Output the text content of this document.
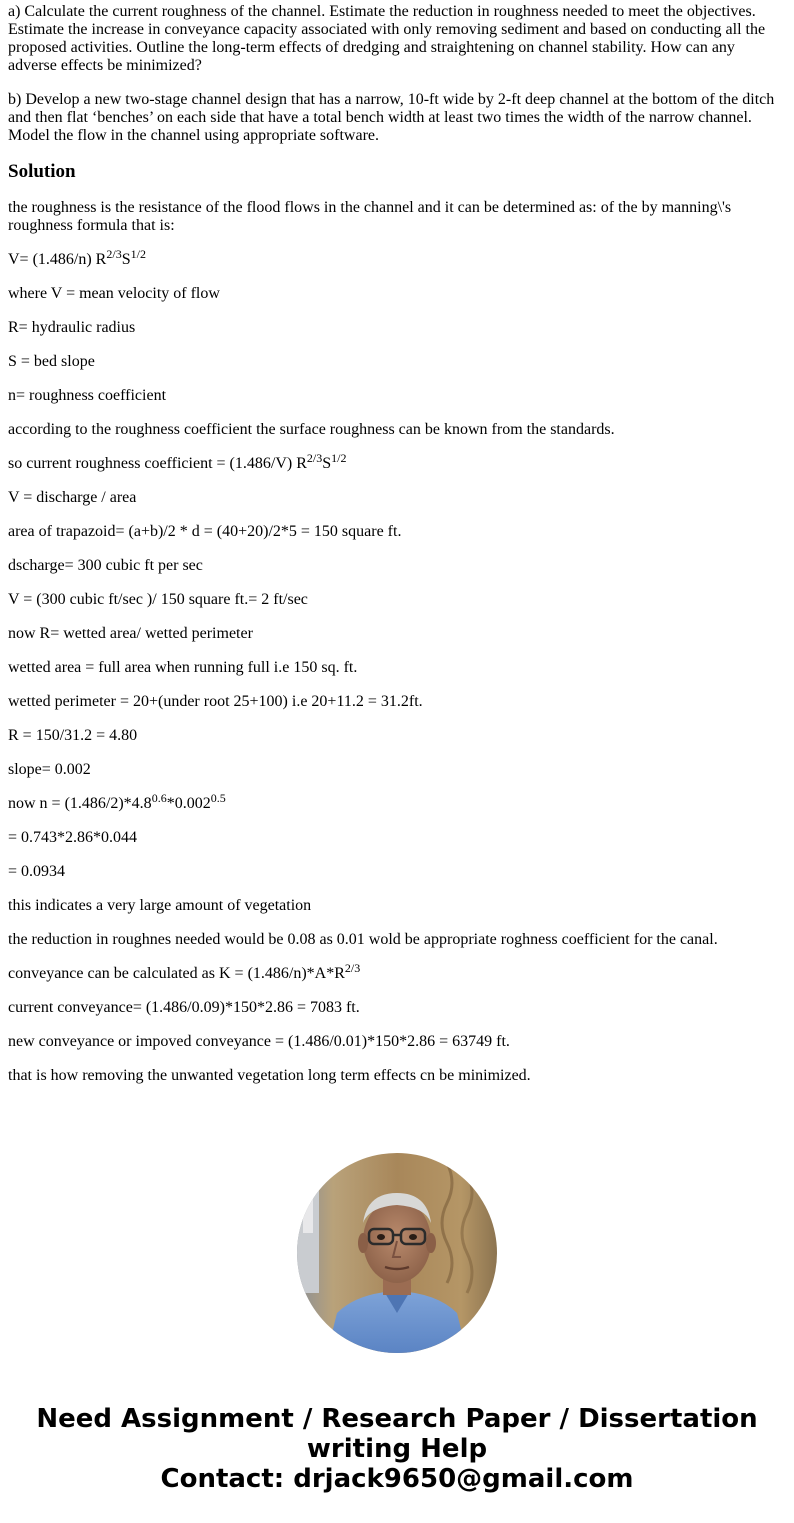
a) Calculate the current roughness of the channel. Estimate the reduction in roughness needed to meet the objectives. Estimate the increase in conveyance capacity associated with only removing sediment and based on conducting all the proposed activities. Outline the long-term effects of dredging and straightening on channel stability. How can any adverse effects be minimized?

b) Develop a new two-stage channel design that has a narrow, 10-ft wide by 2-ft deep channel at the bottom of the ditch and then flat ‘benches’ on each side that have a total bench width at least two times the width of the narrow channel. Model the flow in the channel using appropriate software.

Solution

the roughness is the resistance of the flood flows in the channel and it can be determined as: of the by manning\'s roughness formula that is:

V= (1.486/n) $R^{2/3}S^{1/2}$

where V = mean velocity of flow

R= hydraulic radius

S = bed slope

n= roughness coefficient

according to the roughness coefficient the surface roughness can be known from the standards.

so current roughness coefficient = (1.486/V) $R^{2/3}S^{1/2}$

V = discharge / area

area of trapazoid= (a+b)/2 * d = (40+20)/2*5 = 150 square ft.

dscharge= 300 cubic ft per sec

V = (300 cubic ft/sec )/ 150 square ft.= 2 ft/sec

now R= wetted area/ wetted perimeter

wetted area = full area when running full i.e 150 sq. ft.

wetted perimeter = 20+(under root 25+100) i.e 20+11.2 = 31.2ft.

R = 150/31.2 = 4.80

slope= 0.002

now $n = (1.486/2)*4.8^{0.6}*0.002^{0.5}$

= 0.743*2.86*0.044

= 0.0934

this indicates a very large amount of vegetation

the reduction in roughnes needed would be 0.08 as 0.01 wold be appropriate roghness coefficient for the canal.

conveyance can be calculated as $K = (1.486/n)*A*R^{2/3}$

current conveyance= (1.486/0.09)*150*2.86 = 7083 ft.

new conveyance or impoved conveyance = (1.486/0.01)*150*2.86 = 63749 ft.

that is how removing the unwanted vegetation long term effects cn be minimized.

Need Assignment / Research Paper / Dissertation
writing Help
Contact: drjack9650@gmail.com
